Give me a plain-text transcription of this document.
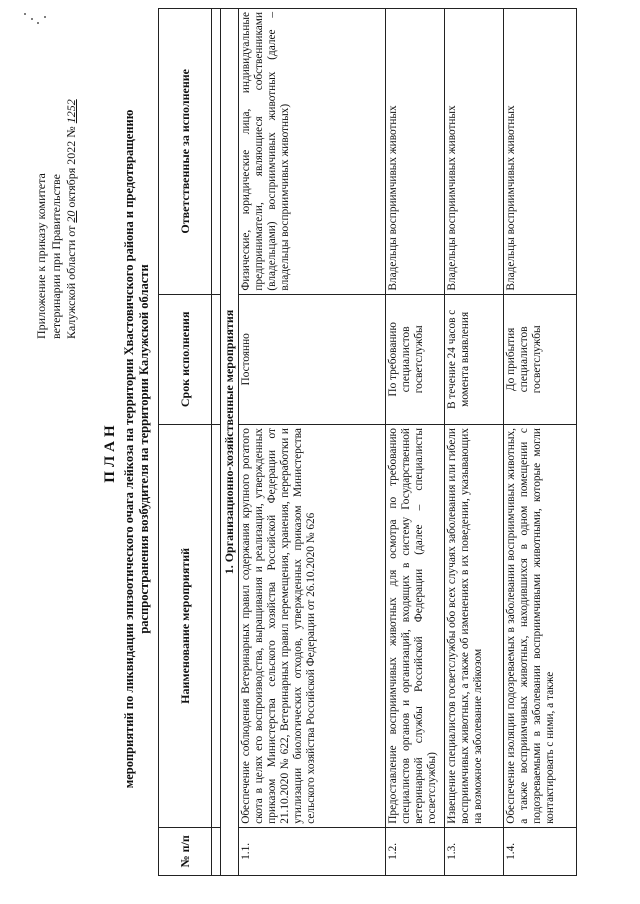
Приложение к приказу комитета ветеринарии при Правительстве Калужской области от 20 октября 2022 № 1252
ПЛАН мероприятий по ликвидации эпизоотического очага лейкоза на территории Хвастовичского района и предотвращению распространения возбудителя на территории Калужской области
№ п/п	Наименование мероприятий	Срок исполнения	Ответственные за исполнение

1. Организационно-хозяйственные мероприятия			
1.1.	Обеспечение соблюдения Ветеринарных правил содержания крупного рогатого скота в целях его воспроизводства, выращивания и реализации, утвержденных приказом Министерства сельского хозяйства Российской Федерации от 21.10.2020 № 622, Ветеринарных правил перемещения, хранения, переработки и утилизации биологических отходов, утвержденных приказом Министерства сельского хозяйства Российской Федерации от 26.10.2020 № 626	Постоянно	Физические, юридические лица, индивидуальные предприниматели, являющиеся собственниками (владельцами) восприимчивых животных (далее – владельцы восприимчивых животных)
1.2.	Предоставление восприимчивых животных для осмотра по требованию специалистов органов и организаций, входящих в систему Государственной ветеринарной службы Российской Федерации (далее – специалисты госветслужбы)	По требованию специалистов госветслужбы	Владельцы восприимчивых животных
1.3.	Извещение специалистов госветслужбы обо всех случаях заболевания или гибели восприимчивых животных, а также об изменениях в их поведении, указывающих на возможное заболевание лейкозом	В течение 24 часов с момента выявления	Владельцы восприимчивых животных
1.4.	Обеспечение изоляции подозреваемых в заболевании восприимчивых животных, а также восприимчивых животных, находившихся в одном помещении с подозреваемыми в заболевании восприимчивыми животными, которые могли контактировать с ними, а также	До прибытия специалистов госветслужбы	Владельцы восприимчивых животных
